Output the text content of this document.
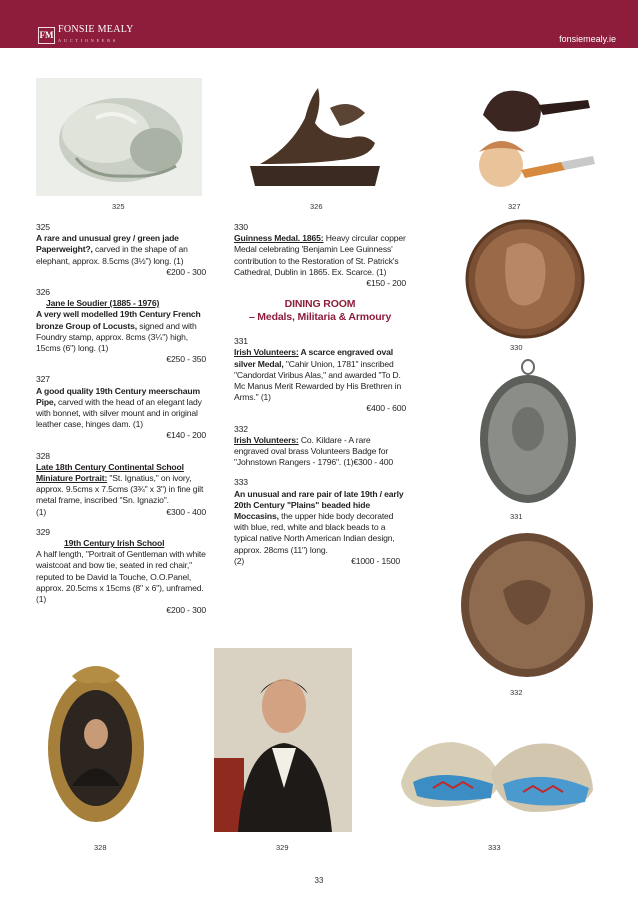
FM FONSIE MEALY
AUCTIONEERS	fonsiemealy.ie
325	326	327
325
A rare and unusual grey / green jade Paperweight?, carved in the shape of an elephant, approx. 8.5cms (3½") long. (1)
€200 - 300
326
Jane le Soudier (1885 - 1976)
A very well modelled 19th Century French bronze Group of Locusts, signed and with Foundry stamp, approx. 8cms (3¼") high, 15cms (6") long. (1)
€250 - 350
327
A good quality 19th Century meerschaum Pipe, carved with the head of an elegant lady with bonnet, with silver mount and in original leather case, hinges dam. (1)
€140 - 200
328
Late 18th Century Continental School
Miniature Portrait: "St. Ignatius," on ivory, approx. 9.5cms x 7.5cms (3¾" x 3") in fine gilt metal frame, inscribed "Sn. Ignazio".
(1)	€300 - 400
329
19th Century Irish School
A half length, "Portrait of Gentleman with white waistcoat and bow tie, seated in red chair," reputed to be David la Touche, O.O.Panel, approx. 20.5cms x 15cms (8" x 6"), unframed. (1)
€200 - 300
330
Guinness Medal. 1865: Heavy circular copper Medal celebrating 'Benjamin Lee Guinness' contribution to the Restoration of St. Patrick's Cathedral, Dublin in 1865. Ex. Scarce. (1)
€150 - 200
DINING ROOM
– Medals, Militaria & Armoury
331
Irish Volunteers: A scarce engraved oval silver Medal, "Cahir Union, 1781" inscribed "Candordat Viribus Alas," and awarded "To D. Mc Manus Merit Rewarded by His Brethren in Arms." (1)
€400 - 600
332
Irish Volunteers: Co. Kildare - A rare engraved oval brass Volunteers Badge for "Johnstown Rangers - 1796". (1)€300 - 400
333
An unusual and rare pair of late 19th / early 20th Century "Plains" beaded hide Moccasins, the upper hide body decorated with blue, red, white and black beads to a typical native North American Indian design, approx. 28cms (11") long.
(2)	€1000 - 1500
330
331
332
328	329	333
33
